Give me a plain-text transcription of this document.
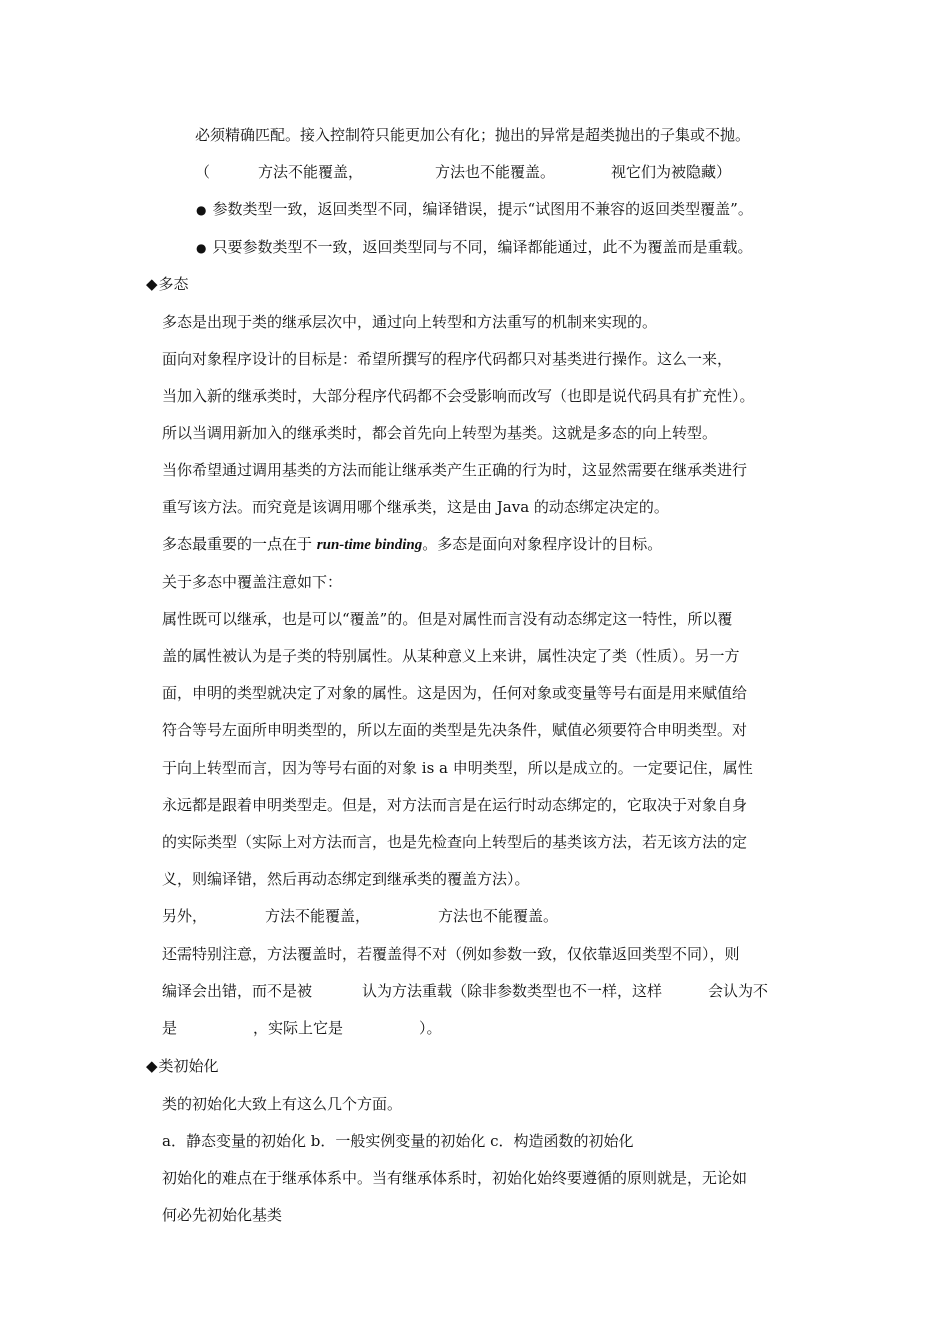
必须精确匹配。接入控制符只能更加公有化；抛出的异常是超类抛出的子集或不抛。
（	方法不能覆盖，	方法也不能覆盖。	视它们为被隐藏）
● 参数类型一致，返回类型不同，编译错误，提示“试图用不兼容的返回类型覆盖”。
● 只要参数类型不一致，返回类型同与不同，编译都能通过，此不为覆盖而是重载。
◆多态
多态是出现于类的继承层次中，通过向上转型和方法重写的机制来实现的。
面向对象程序设计的目标是：希望所撰写的程序代码都只对基类进行操作。这么一来，
当加入新的继承类时，大部分程序代码都不会受影响而改写（也即是说代码具有扩充性）。
所以当调用新加入的继承类时，都会首先向上转型为基类。这就是多态的向上转型。
当你希望通过调用基类的方法而能让继承类产生正确的行为时，这显然需要在继承类进行
重写该方法。而究竟是该调用哪个继承类，这是由 Java 的动态绑定决定的。
多态最重要的一点在于 run-time binding。多态是面向对象程序设计的目标。
关于多态中覆盖注意如下：
属性既可以继承，也是可以“覆盖”的。但是对属性而言没有动态绑定这一特性，所以覆
盖的属性被认为是子类的特别属性。从某种意义上来讲，属性决定了类（性质）。另一方
面，申明的类型就决定了对象的属性。这是因为，任何对象或变量等号右面是用来赋值给
符合等号左面所申明类型的，所以左面的类型是先决条件，赋值必须要符合申明类型。对
于向上转型而言，因为等号右面的对象 is a 申明类型，所以是成立的。一定要记住，属性
永远都是跟着申明类型走。但是，对方法而言是在运行时动态绑定的，它取决于对象自身
的实际类型（实际上对方法而言，也是先检查向上转型后的基类该方法，若无该方法的定
义，则编译错，然后再动态绑定到继承类的覆盖方法）。
另外，	方法不能覆盖，	方法也不能覆盖。
还需特别注意，方法覆盖时，若覆盖得不对（例如参数一致，仅依靠返回类型不同），则
编译会出错，而不是被	认为方法重载（除非参数类型也不一样，这样	会认为不
是	，实际上它是	）。
◆类初始化
类的初始化大致上有这么几个方面。
a．静态变量的初始化 b．一般实例变量的初始化 c．构造函数的初始化
初始化的难点在于继承体系中。当有继承体系时，初始化始终要遵循的原则就是，无论如
何必先初始化基类
